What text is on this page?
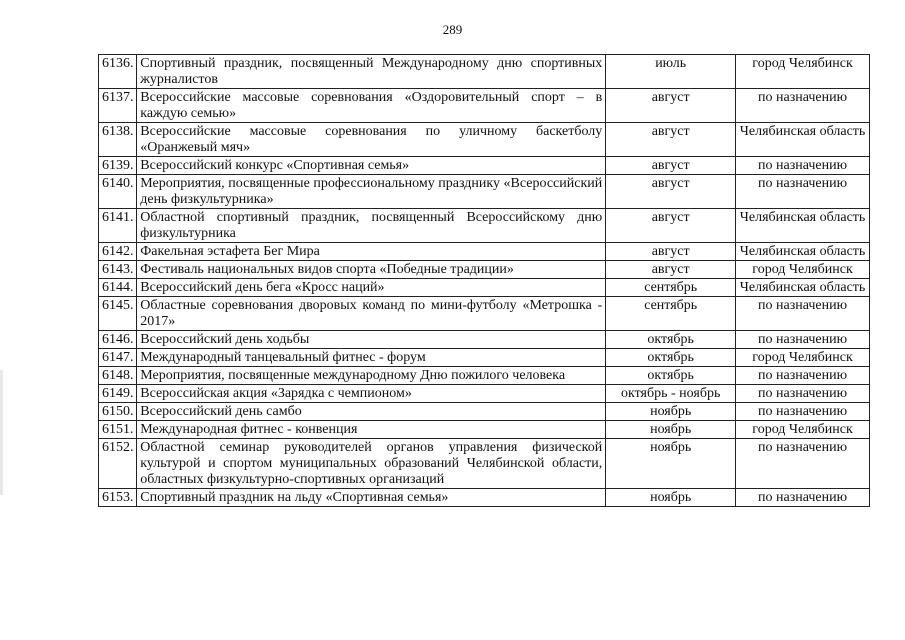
289
6136.	Спортивный праздник, посвященный Международному дню спортивных журналистов	июль	город Челябинск
6137.	Всероссийские массовые соревнования «Оздоровительный спорт – в каждую семью»	август	по назначению
6138.	Всероссийские массовые соревнования по уличному баскетболу «Оранжевый мяч»	август	Челябинская область
6139.	Всероссийский конкурс «Спортивная семья»	август	по назначению
6140.	Мероприятия, посвященные профессиональному празднику «Всероссийский день физкультурника»	август	по назначению
6141.	Областной спортивный праздник, посвященный Всероссийскому дню физкультурника	август	Челябинская область
6142.	Факельная эстафета Бег Мира	август	Челябинская область
6143.	Фестиваль национальных видов спорта «Победные традиции»	август	город Челябинск
6144.	Всероссийский день бега «Кросс наций»	сентябрь	Челябинская область
6145.	Областные соревнования дворовых команд по мини-футболу «Метрошка - 2017»	сентябрь	по назначению
6146.	Всероссийский день ходьбы	октябрь	по назначению
6147.	Международный танцевальный фитнес - форум	октябрь	город Челябинск
6148.	Мероприятия, посвященные международному Дню пожилого человека	октябрь	по назначению
6149.	Всероссийская акция «Зарядка с чемпионом»	октябрь - ноябрь	по назначению
6150.	Всероссийский день самбо	ноябрь	по назначению
6151.	Международная фитнес - конвенция	ноябрь	город Челябинск
6152.	Областной семинар руководителей органов управления физической культурой и спортом муниципальных образований Челябинской области, областных физкультурно-спортивных организаций	ноябрь	по назначению
6153.	Спортивный праздник на льду «Спортивная семья»	ноябрь	по назначению
